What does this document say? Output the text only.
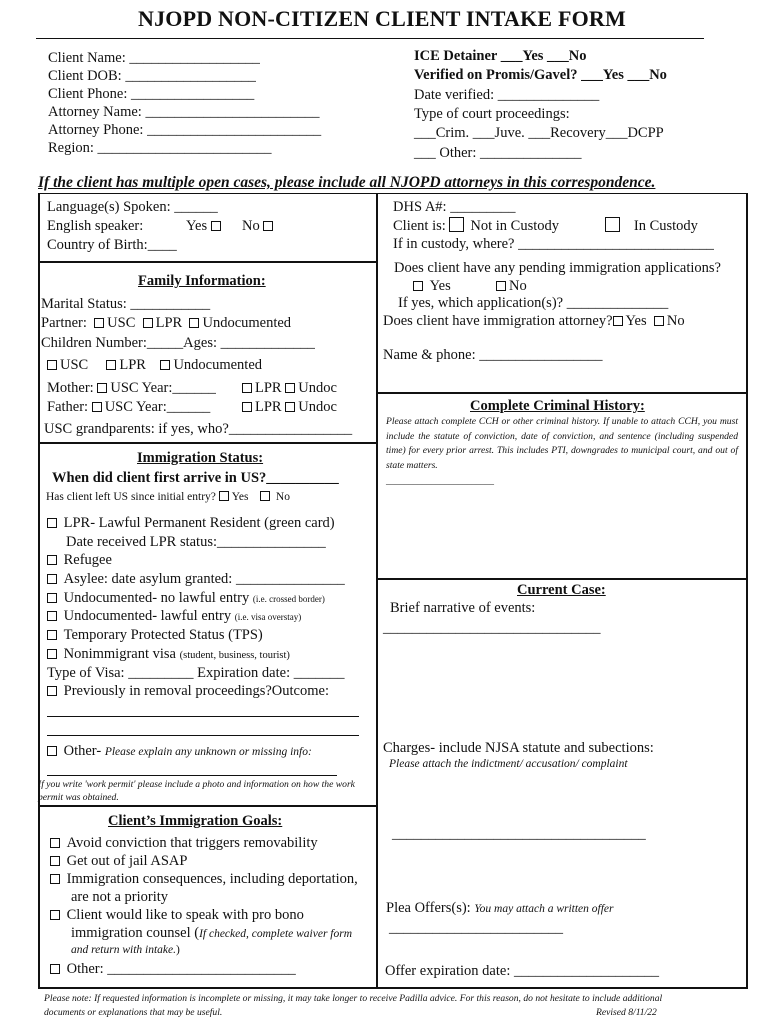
NJOPD NON-CITIZEN CLIENT INTAKE FORM
Client Name: __________________
Client DOB: __________________
Client Phone: _________________
Attorney Name: ________________________
Attorney Phone: ________________________
Region: ________________________
ICE Detainer ___Yes ___No
Verified on Promis/Gavel? ___Yes ___No
Date verified: ______________
Type of court proceedings:
___Crim. ___Juve. ___Recovery___DCPP
___ Other: ______________
If the client has multiple open cases, please include all NJOPD attorneys in this correspondence.
Language(s) Spoken: ______
English speaker:	Yes	No
Country of Birth:____
DHS A#: _________
Client is: Not in Custody	In Custody
If in custody, where? ___________________________
Family Information:
Marital Status: ___________
Partner: USC LPR Undocumented
Children Number:_____Ages: _____________
USC LPR Undocumented
Mother: USC Year:______	LPR Undoc
Father: USC Year:______	LPR Undoc
USC grandparents: if yes, who?_________________
Does client have any pending immigration applications?
Yes	No
If yes, which application(s)? ______________
Does client have immigration attorney? Yes No
Name & phone: _________________
Complete Criminal History:
Please attach complete CCH or other criminal history. If unable to attach CCH, you must include the statute of conviction, date of conviction, and sentence (including suspended time) for every prior arrest. This includes PTI, downgrades to municipal court, and out of state matters.
________________________
Immigration Status:
When did client first arrive in US?__________
Has client left US since initial entry? Yes No
LPR- Lawful Permanent Resident (green card)
Date received LPR status:_______________
Refugee
Asylee: date asylum granted: _______________
Undocumented- no lawful entry (i.e. crossed border)
Undocumented- lawful entry (i.e. visa overstay)
Temporary Protected Status (TPS)
Nonimmigrant visa (student, business, tourist)
Type of Visa: _________ Expiration date: _______
Previously in removal proceedings?Outcome:
Other- Please explain any unknown or missing info:
If you write 'work permit' please include a photo and information on how the work permit was obtained.
Client’s Immigration Goals:
Avoid conviction that triggers removability
Get out of jail ASAP
Immigration consequences, including deportation,
are not a priority
Client would like to speak with pro bono
immigration counsel (If checked, complete waiver form
and return with intake.)
Other: __________________________
Current Case:
Brief narrative of events:
______________________________
Charges- include NJSA statute and subections:
Please attach the indictment/ accusation/ complaint
___________________________________
Plea Offers(s): You may attach a written offer
________________________
Offer expiration date: ____________________
Please note: If requested information is incomplete or missing, it may take longer to receive Padilla advice. For this reason, do not hesitate to include additional documents or explanations that may be useful.	Revised 8/11/22
